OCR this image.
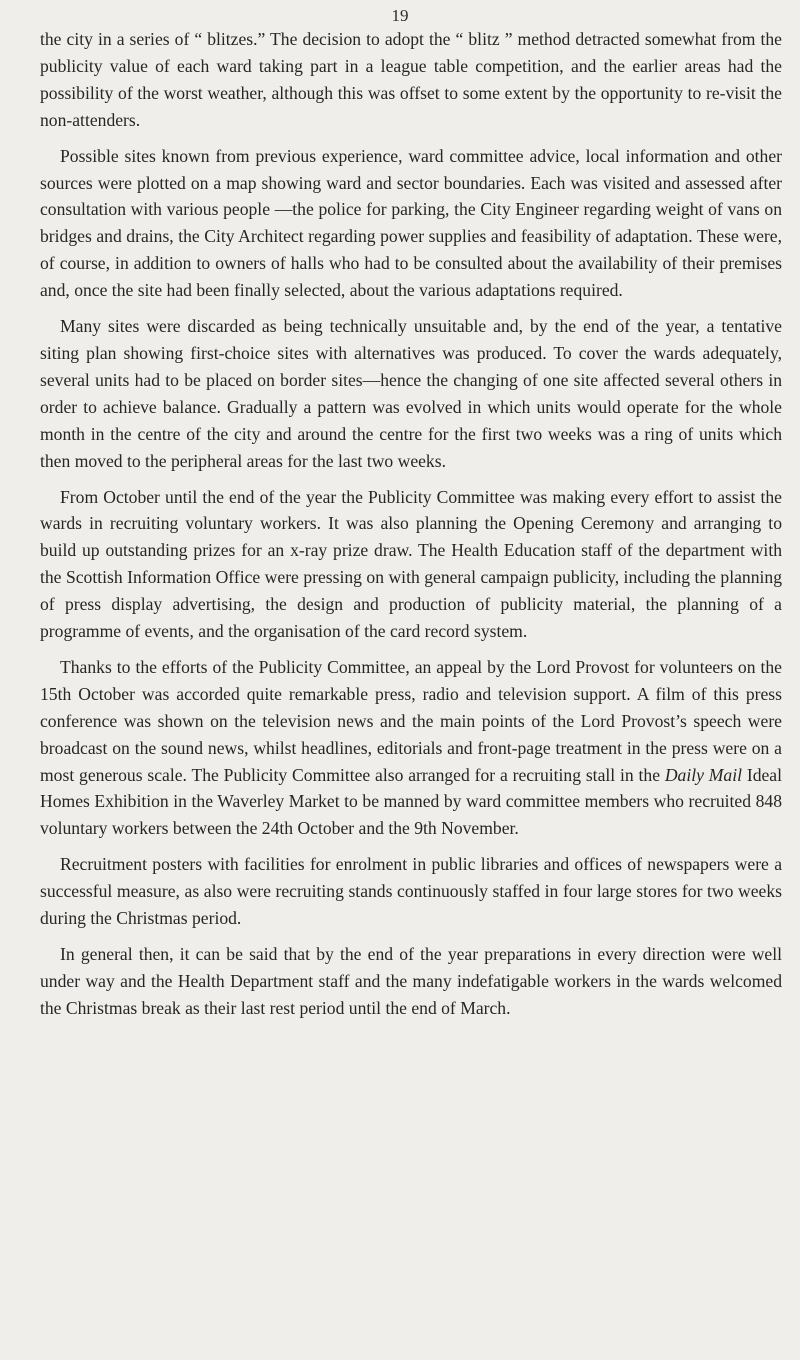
19

the city in a series of “ blitzes.” The decision to adopt the “ blitz ” method detracted somewhat from the publicity value of each ward taking part in a league table competition, and the earlier areas had the possibility of the worst weather, although this was offset to some extent by the opportunity to re-visit the non-attenders.

Possible sites known from previous experience, ward committee advice, local information and other sources were plotted on a map showing ward and sector boundaries. Each was visited and assessed after consultation with various people —the police for parking, the City Engineer regarding weight of vans on bridges and drains, the City Architect regarding power supplies and feasibility of adaptation. These were, of course, in addition to owners of halls who had to be consulted about the availability of their premises and, once the site had been finally selected, about the various adaptations required.

Many sites were discarded as being technically unsuitable and, by the end of the year, a tentative siting plan showing first-choice sites with alternatives was produced. To cover the wards adequately, several units had to be placed on border sites—hence the changing of one site affected several others in order to achieve balance. Gradually a pattern was evolved in which units would operate for the whole month in the centre of the city and around the centre for the first two weeks was a ring of units which then moved to the peripheral areas for the last two weeks.

From October until the end of the year the Publicity Committee was making every effort to assist the wards in recruiting voluntary workers. It was also planning the Opening Ceremony and arranging to build up outstanding prizes for an x-ray prize draw. The Health Education staff of the department with the Scottish Information Office were pressing on with general campaign publicity, including the planning of press display advertising, the design and production of publicity material, the planning of a programme of events, and the organisation of the card record system.

Thanks to the efforts of the Publicity Committee, an appeal by the Lord Provost for volunteers on the 15th October was accorded quite remarkable press, radio and television support. A film of this press conference was shown on the television news and the main points of the Lord Provost’s speech were broadcast on the sound news, whilst headlines, editorials and front-page treatment in the press were on a most generous scale. The Publicity Committee also arranged for a recruiting stall in the Daily Mail Ideal Homes Exhibition in the Waverley Market to be manned by ward committee members who recruited 848 voluntary workers between the 24th October and the 9th November.

Recruitment posters with facilities for enrolment in public libraries and offices of newspapers were a successful measure, as also were recruiting stands continuously staffed in four large stores for two weeks during the Christmas period.

In general then, it can be said that by the end of the year preparations in every direction were well under way and the Health Department staff and the many indefatigable workers in the wards welcomed the Christmas break as their last rest period until the end of March.
